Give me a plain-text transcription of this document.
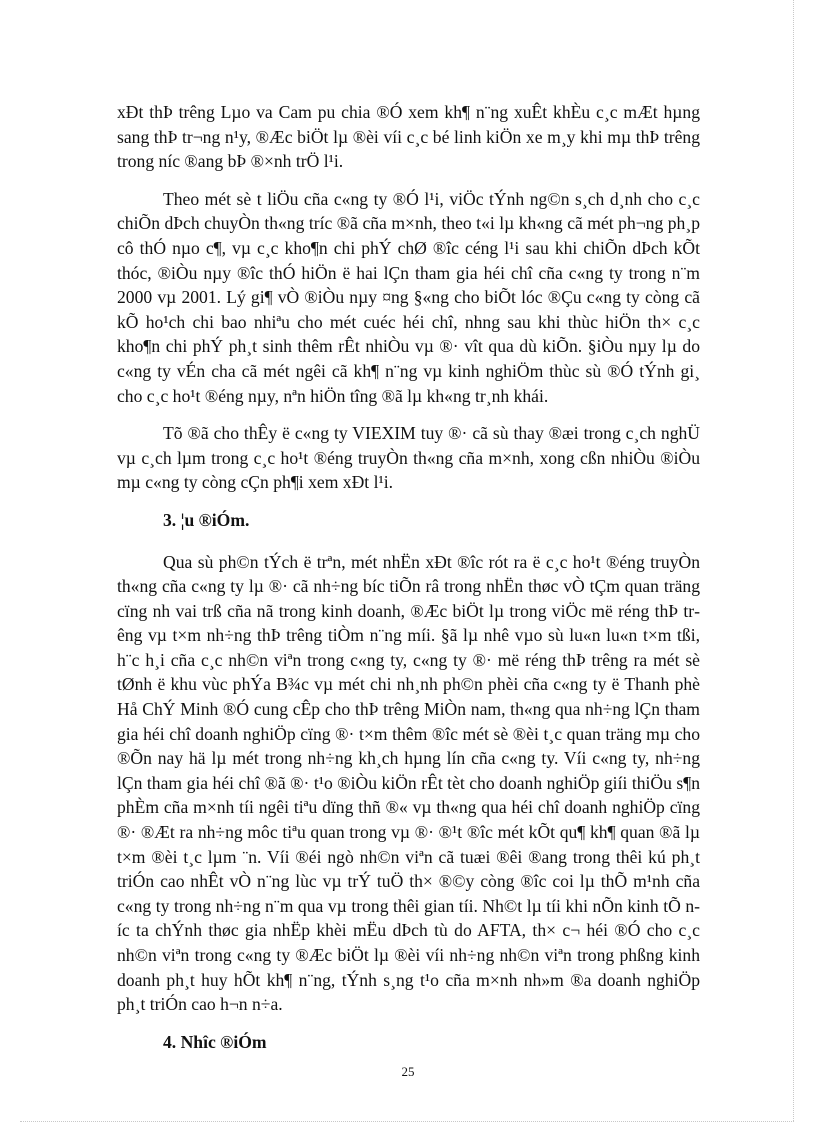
xÐt thÞ trêng Lµo va Cam pu chia ®Ó xem kh¶ n¨ng xuÊt khÈu c¸c mÆt hµng sang thÞ tr¬ng n¹y, ®Æc biÖt lµ ®èi víi c¸c bé linh kiÖn xe m¸y khi mµ thÞ trêng trong níc ®ang bÞ ®×nh trÖ l¹i.

Theo mét sè t liÖu cña c«ng ty ®Ó l¹i, viÖc tÝnh ng©n s¸ch d¸nh cho c¸c chiÕn dÞch chuyÒn th«ng tríc ®ã cña m×nh, theo t«i lµ kh«ng cã mét ph¬ng ph¸p cô thÓ nµo c¶, vµ c¸c kho¶n chi phÝ chØ ®îc céng l¹i sau khi chiÕn dÞch kÕt thóc, ®iÒu nµy ®îc thÓ hiÖn ë hai lÇn tham gia héi chî cña c«ng ty trong n¨m 2000 vµ 2001. Lý gi¶ vÒ ®iÒu nµy ¤ng §«ng cho biÕt lóc ®Çu c«ng ty còng cã kÕ ho¹ch chi bao nhiªu cho mét cuéc héi chî, nhng sau khi thùc hiÖn th× c¸c kho¶n chi phÝ ph¸t sinh thêm rÊt nhiÒu vµ ®· vît qua dù kiÕn. §iÒu nµy lµ do c«ng ty vÉn cha cã mét ngêi cã kh¶ n¨ng vµ kinh nghiÖm thùc sù ®Ó tÝnh gi¸ cho c¸c ho¹t ®éng nµy, nªn hiÖn tîng ®ã lµ kh«ng tr¸nh khái.

Tõ ®ã cho thÊy ë c«ng ty VIEXIM tuy ®· cã sù thay ®æi trong c¸ch nghÜ vµ c¸ch lµm trong c¸c ho¹t ®éng truyÒn th«ng cña m×nh, xong cßn nhiÒu ®iÒu mµ c«ng ty còng cÇn ph¶i xem xÐt l¹i.

3. ¦u ®iÓm.

Qua sù ph©n tÝch ë trªn, mét nhËn xÐt ®îc rót ra ë c¸c ho¹t ®éng truyÒn th«ng cña c«ng ty lµ ®· cã nh÷ng bíc tiÕn râ trong nhËn thøc vÒ tÇm quan träng cïng nh vai trß cña nã trong kinh doanh, ®Æc biÖt lµ trong viÖc më réng thÞ trêng vµ t×m nh÷ng thÞ trêng tiÒm n¨ng míi. §ã lµ nhê vµo sù lu«n lu«n t×m tßi, h¨c h¸i cña c¸c nh©n viªn trong c«ng ty, c«ng ty ®· më réng thÞ trêng ra mét sè tØnh ë khu vùc phÝa B¾c vµ mét chi nh¸nh ph©n phèi cña c«ng ty ë Thanh phè Hå ChÝ Minh ®Ó cung cÊp cho thÞ trêng MiÒn nam, th«ng qua nh÷ng lÇn tham gia héi chî doanh nghiÖp cïng ®· t×m thêm ®îc mét sè ®èi t¸c quan träng mµ cho ®Õn nay hä lµ mét trong nh÷ng kh¸ch hµng lín cña c«ng ty. Víi c«ng ty, nh÷ng lÇn tham gia héi chî ®ã ®· t¹o ®iÒu kiÖn rÊt tèt cho doanh nghiÖp giíi thiÖu s¶n phÈm cña m×nh tíi ngêi tiªu dïng thñ ®« vµ th«ng qua héi chî doanh nghiÖp cïng ®· ®Æt ra nh÷ng môc tiªu quan trong vµ ®· ®¹t ®îc mét kÕt qu¶ kh¶ quan ®ã lµ t×m ®èi t¸c lµm ¨n. Víi ®éi ngò nh©n viªn cã tuæi ®êi ®ang trong thêi kú ph¸t triÓn cao nhÊt vÒ n¨ng lùc vµ trÝ tuÖ th× ®©y còng ®îc coi lµ thÕ m¹nh cña c«ng ty trong nh÷ng n¨m qua vµ trong thêi gian tíi. Nh©t lµ tíi khi nÕn kinh tÕ níc ta chÝnh thøc gia nhËp khèi mËu dÞch tù do AFTA, th× c¬ héi ®Ó cho c¸c nh©n viªn trong c«ng ty ®Æc biÖt lµ ®èi víi nh÷ng nh©n viªn trong phßng kinh doanh ph¸t huy hÕt kh¶ n¨ng, tÝnh s¸ng t¹o cña m×nh nh»m ®a doanh nghiÖp ph¸t triÓn cao h¬n n÷a.

4. Nhîc ®iÓm

25
